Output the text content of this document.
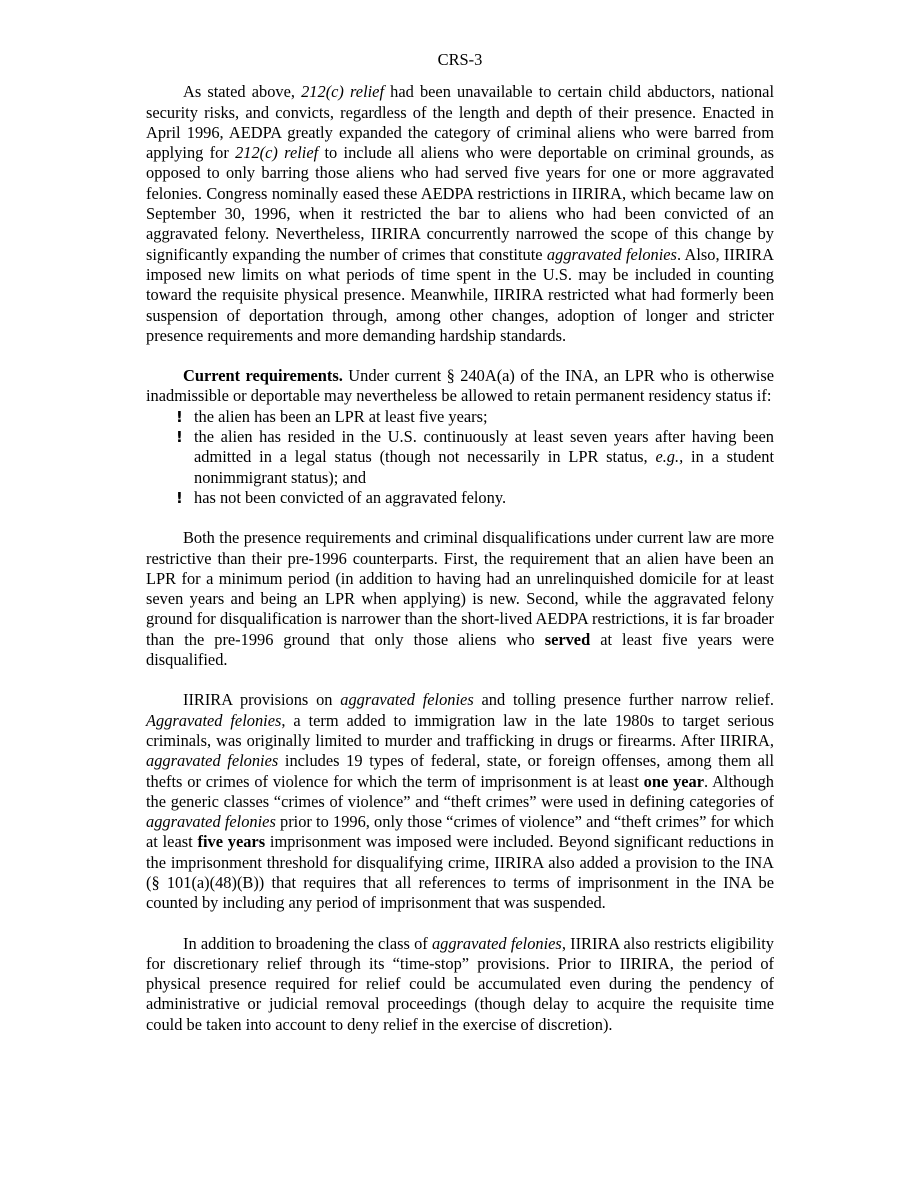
CRS-3

As stated above, 212(c) relief had been unavailable to certain child abductors, national security risks, and convicts, regardless of the length and depth of their presence. Enacted in April 1996, AEDPA greatly expanded the category of criminal aliens who were barred from applying for 212(c) relief to include all aliens who were deportable on criminal grounds, as opposed to only barring those aliens who had served five years for one or more aggravated felonies. Congress nominally eased these AEDPA restrictions in IIRIRA, which became law on September 30, 1996, when it restricted the bar to aliens who had been convicted of an aggravated felony. Nevertheless, IIRIRA concurrently narrowed the scope of this change by significantly expanding the number of crimes that constitute aggravated felonies. Also, IIRIRA imposed new limits on what periods of time spent in the U.S. may be included in counting toward the requisite physical presence. Meanwhile, IIRIRA restricted what had formerly been suspension of deportation through, among other changes, adoption of longer and stricter presence requirements and more demanding hardship standards.

Current requirements. Under current § 240A(a) of the INA, an LPR who is otherwise inadmissible or deportable may nevertheless be allowed to retain permanent residency status if:

! the alien has been an LPR at least five years;
! the alien has resided in the U.S. continuously at least seven years after having been admitted in a legal status (though not necessarily in LPR status, e.g., in a student nonimmigrant status); and
! has not been convicted of an aggravated felony.

Both the presence requirements and criminal disqualifications under current law are more restrictive than their pre-1996 counterparts. First, the requirement that an alien have been an LPR for a minimum period (in addition to having had an unrelinquished domicile for at least seven years and being an LPR when applying) is new. Second, while the aggravated felony ground for disqualification is narrower than the short-lived AEDPA restrictions, it is far broader than the pre-1996 ground that only those aliens who served at least five years were disqualified.

IIRIRA provisions on aggravated felonies and tolling presence further narrow relief. Aggravated felonies, a term added to immigration law in the late 1980s to target serious criminals, was originally limited to murder and trafficking in drugs or firearms. After IIRIRA, aggravated felonies includes 19 types of federal, state, or foreign offenses, among them all thefts or crimes of violence for which the term of imprisonment is at least one year. Although the generic classes “crimes of violence” and “theft crimes” were used in defining categories of aggravated felonies prior to 1996, only those “crimes of violence” and “theft crimes” for which at least five years imprisonment was imposed were included. Beyond significant reductions in the imprisonment threshold for disqualifying crime, IIRIRA also added a provision to the INA (§ 101(a)(48)(B)) that requires that all references to terms of imprisonment in the INA be counted by including any period of imprisonment that was suspended.

In addition to broadening the class of aggravated felonies, IIRIRA also restricts eligibility for discretionary relief through its “time-stop” provisions. Prior to IIRIRA, the period of physical presence required for relief could be accumulated even during the pendency of administrative or judicial removal proceedings (though delay to acquire the requisite time could be taken into account to deny relief in the exercise of discretion).
